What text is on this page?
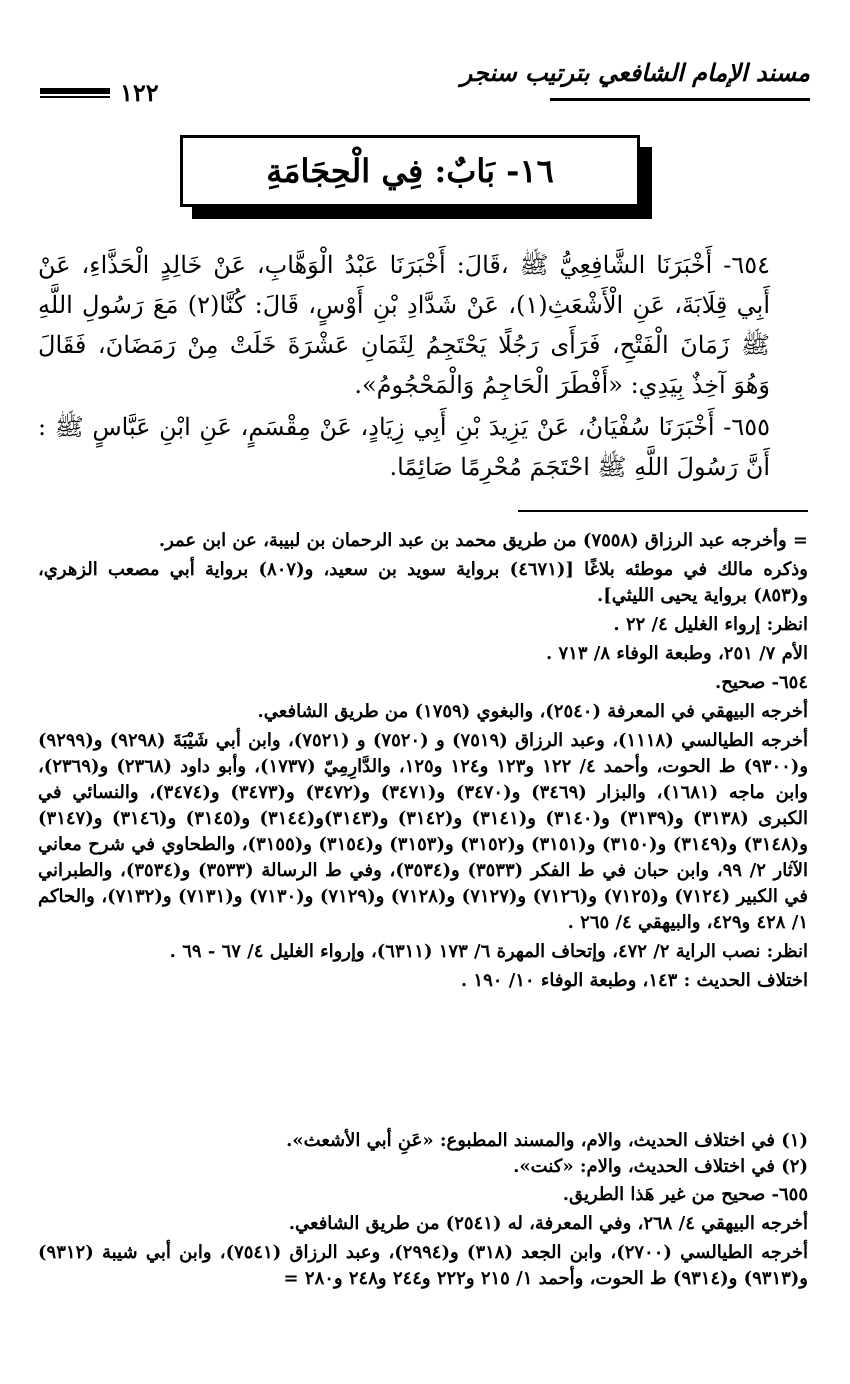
مسند الإمام الشافعي بترتيب سنجر
١٢٢
١٦- بَابٌ: فِي الْحِجَامَةِ

٦٥٤- أَخْبَرَنَا الشَّافِعِيُّ ﷺ ،قَالَ: أَخْبَرَنَا عَبْدُ الْوَهَّابِ، عَنْ خَالِدٍ الْحَذَّاءِ، عَنْ أَبِي قِلَابَةَ، عَنِ الْأَشْعَثِ(١)، عَنْ شَدَّادِ بْنِ أَوْسٍ، قَالَ: كُنَّا(٢) مَعَ رَسُولِ اللَّهِ ﷺ زَمَانَ الْفَتْحِ، فَرَأَى رَجُلًا يَحْتَجِمُ لِثَمَانِ عَشْرَةَ خَلَتْ مِنْ رَمَضَانَ، فَقَالَ وَهُوَ آخِذٌ بِيَدِي: «أَفْطَرَ الْحَاجِمُ وَالْمَحْجُومُ».

٦٥٥- أَخْبَرَنَا سُفْيَانُ، عَنْ يَزِيدَ بْنِ أَبِي زِيَادٍ، عَنْ مِقْسَمٍ، عَنِ ابْنِ عَبَّاسٍ ﷺ : أَنَّ رَسُولَ اللَّهِ ﷺ احْتَجَمَ مُحْرِمًا صَائِمًا.

= وأخرجه عبد الرزاق (٧٥٥٨) من طريق محمد بن عبد الرحمان بن لبيبة، عن ابن عمر.

وذكره مالك في موطئه بلاغًا [(٤٦٧١) برواية سويد بن سعيد، و(٨٠٧) برواية أبي مصعب الزهري، و(٨٥٣) برواية يحيى الليثي].

انظر: إرواء الغليل ٤/ ٢٢ .

الأم ٧/ ٢٥١، وطبعة الوفاء ٨/ ٧١٣ .

٦٥٤- صحيح.

أخرجه البيهقي في المعرفة (٢٥٤٠)، والبغوي (١٧٥٩) من طريق الشافعي.

أخرجه الطيالسي (١١١٨)، وعبد الرزاق (٧٥١٩) و (٧٥٢٠) و (٧٥٢١)، وابن أبي شَيْبَةَ (٩٢٩٨) و(٩٢٩٩) و(٩٣٠٠) ط الحوت، وأحمد ٤/ ١٢٢ و١٢٣ و١٢٤ و١٢٥، والدَّارِمِيّ (١٧٣٧)، وأبو داود (٢٣٦٨) و(٢٣٦٩)، وابن ماجه (١٦٨١)، والبزار (٣٤٦٩) و(٣٤٧٠) و(٣٤٧١) و(٣٤٧٢) و(٣٤٧٣) و(٣٤٧٤)، والنسائي في الكبرى (٣١٣٨) و(٣١٣٩) و(٣١٤٠) و(٣١٤١) و(٣١٤٢) و(٣١٤٣)و(٣١٤٤) و(٣١٤٥) و(٣١٤٦) و(٣١٤٧) و(٣١٤٨) و(٣١٤٩) و(٣١٥٠) و(٣١٥١) و(٣١٥٢) و(٣١٥٣) و(٣١٥٤) و(٣١٥٥)، والطحاوي في شرح معاني الآثار ٢/ ٩٩، وابن حبان في ط الفكر (٣٥٣٣) و(٣٥٣٤)، وفي ط الرسالة (٣٥٣٣) و(٣٥٣٤)، والطبراني في الكبير (٧١٢٤) و(٧١٢٥) و(٧١٢٦) و(٧١٢٧) و(٧١٢٨) و(٧١٢٩) و(٧١٣٠) و(٧١٣١) و(٧١٣٢)، والحاكم ١/ ٤٢٨ و٤٢٩، والبيهقي ٤/ ٢٦٥ .

انظر: نصب الراية ٢/ ٤٧٢، وإتحاف المهرة ٦/ ١٧٣ (٦٣١١)، وإرواء الغليل ٤/ ٦٧ - ٦٩ .

اختلاف الحديث : ١٤٣، وطبعة الوفاء ١٠/ ١٩٠ .

(١) في اختلاف الحديث، والام، والمسند المطبوع: «عَنِ أبي الأشعث».

(٢) في اختلاف الحديث، والام: «كنت».

٦٥٥- صحيح من غير هَذا الطريق.

أخرجه البيهقي ٤/ ٢٦٨، وفي المعرفة، له (٢٥٤١) من طريق الشافعي.

أخرجه الطيالسي (٢٧٠٠)، وابن الجعد (٣١٨) و(٢٩٩٤)، وعبد الرزاق (٧٥٤١)، وابن أبي شيبة (٩٣١٢) و(٩٣١٣) و(٩٣١٤) ط الحوت، وأحمد ١/ ٢١٥ و٢٢٢ و٢٤٤ و٢٤٨ و٢٨٠ =
